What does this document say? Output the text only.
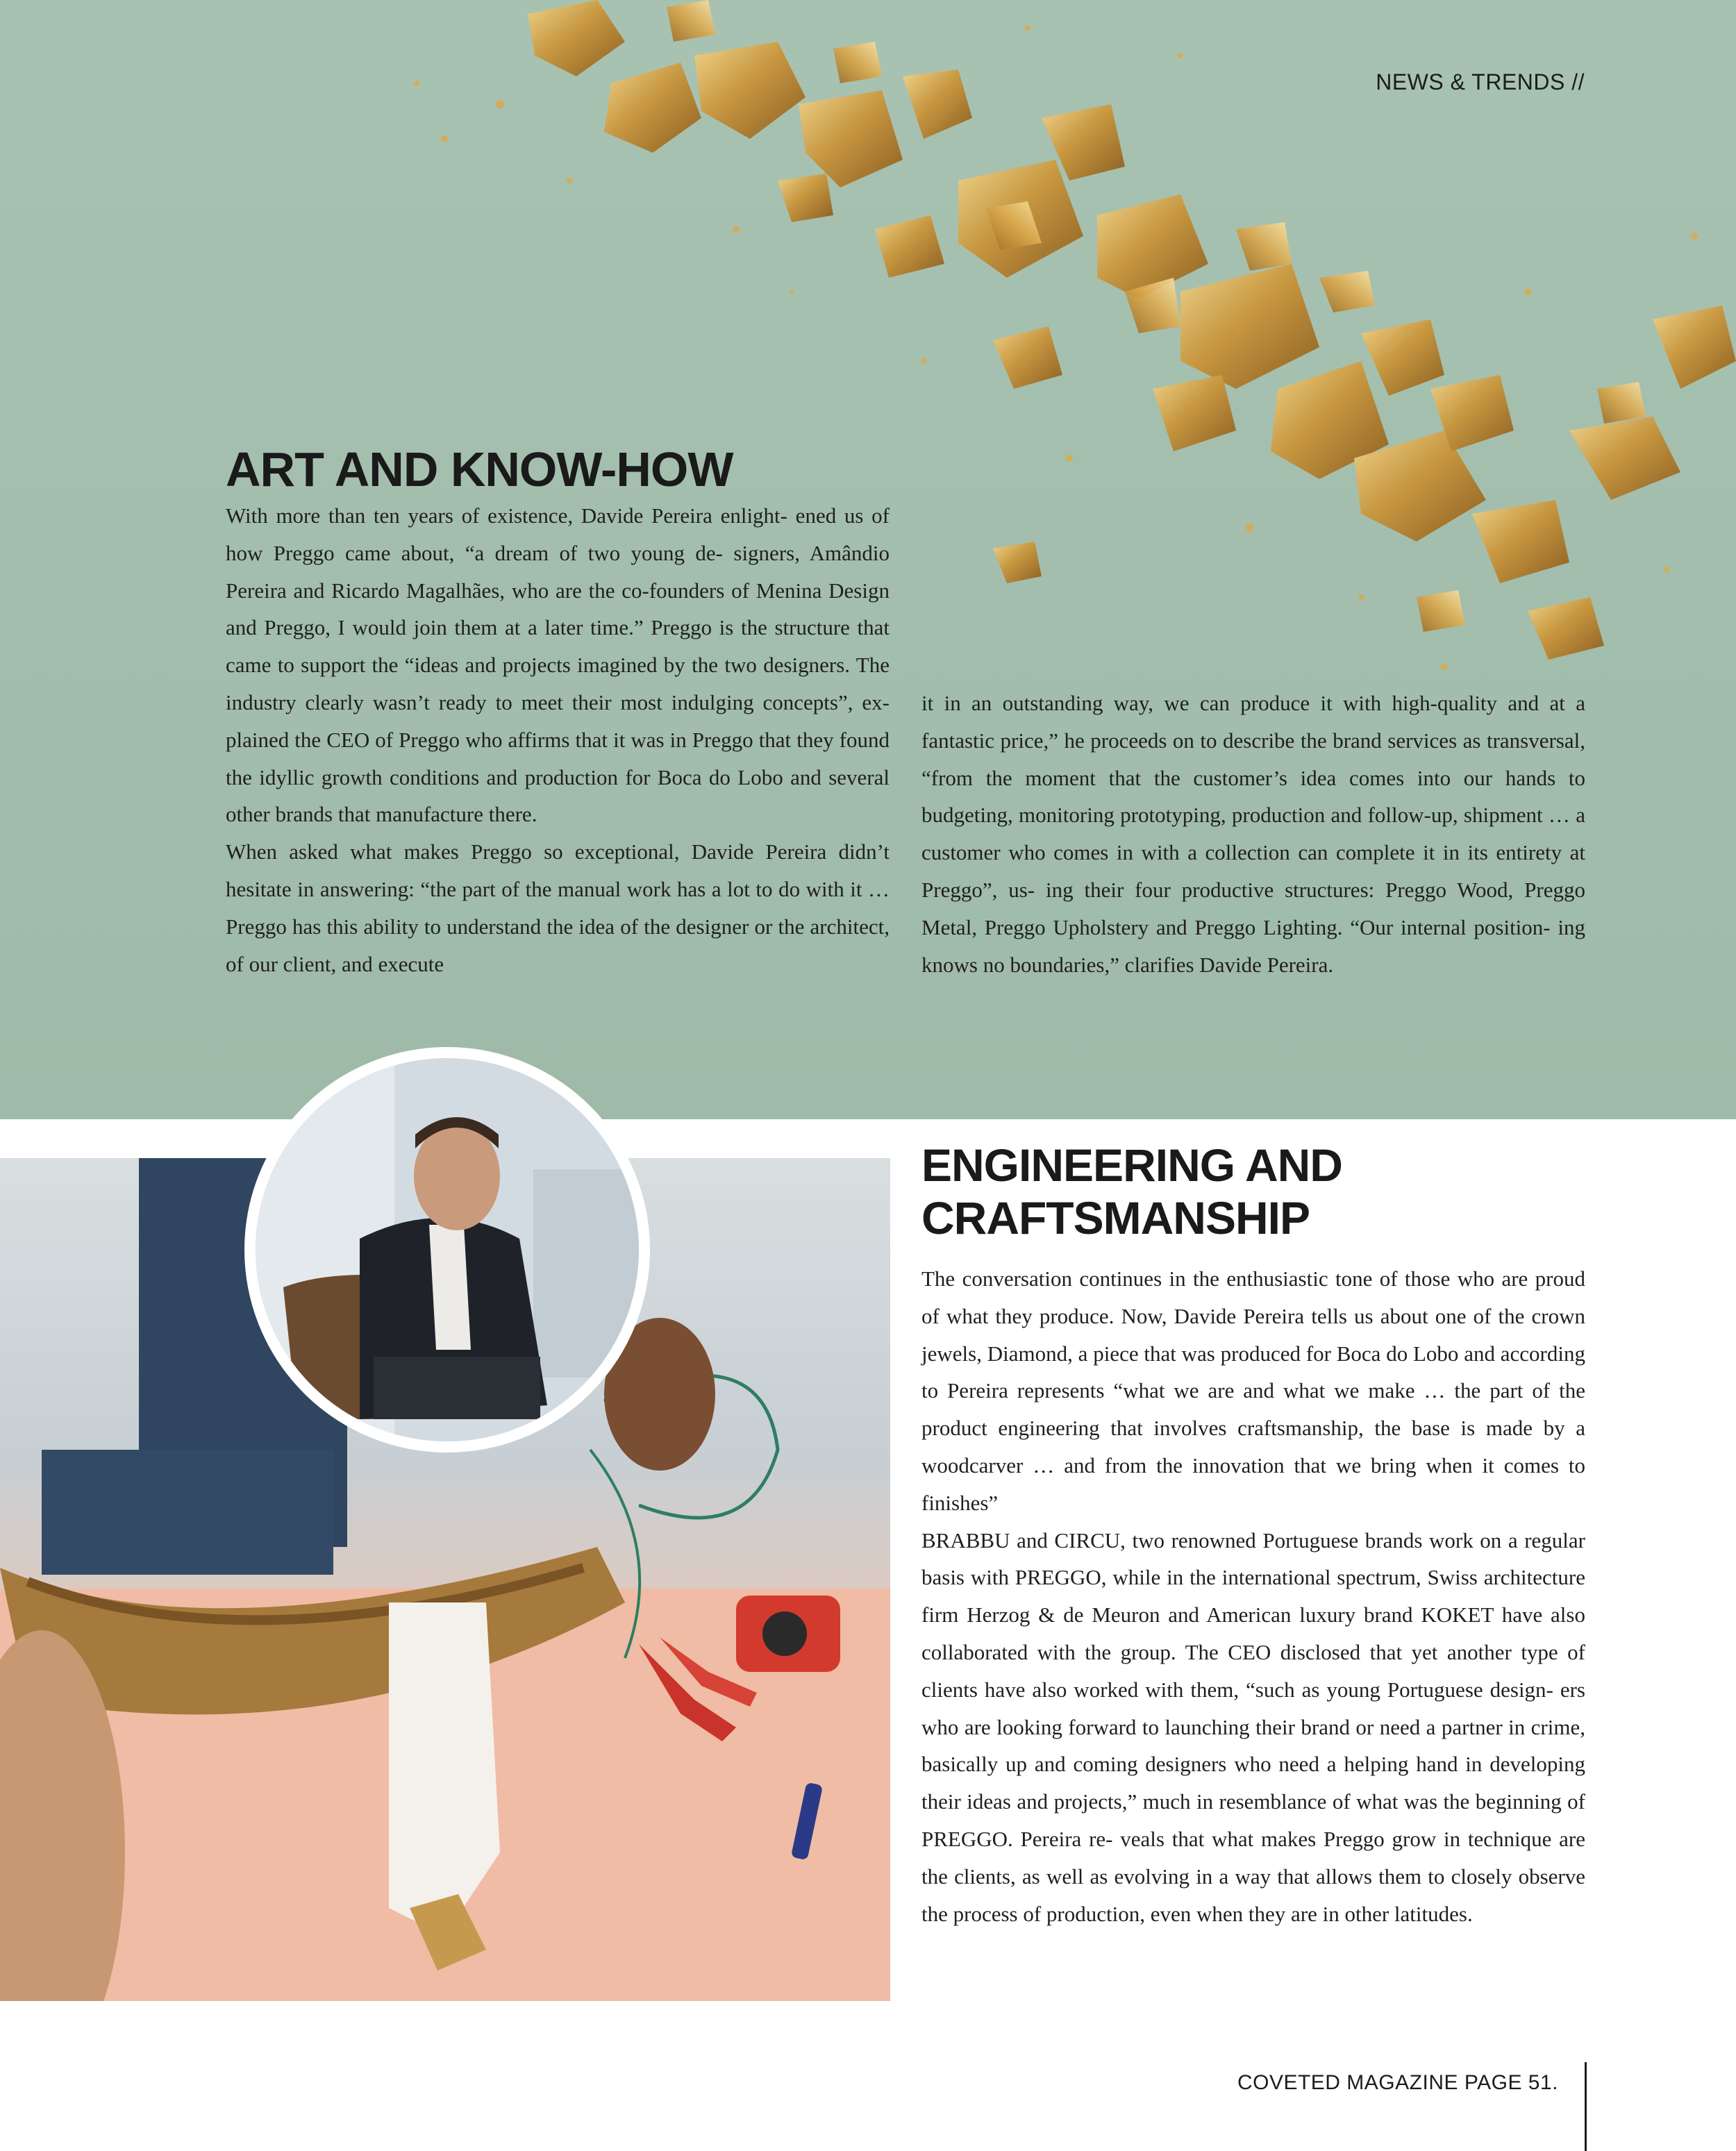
NEWS & TRENDS //
ART AND KNOW-HOW

With more than ten years of existence, Davide Pereira enlight- ened us of how Preggo came about, “a dream of two young de- signers, Amândio Pereira and Ricardo Magalhães, who are the co-founders of Menina Design and Preggo, I would join them at a later time.” Preggo is the structure that came to support the “ideas and projects imagined by the two designers. The industry clearly wasn’t ready to meet their most indulging concepts”, ex- plained the CEO of Preggo who affirms that it was in Preggo that they found the idyllic growth conditions and production for Boca do Lobo and several other brands that manufacture there.

When asked what makes Preggo so exceptional, Davide Pereira didn’t hesitate in answering: “the part of the manual work has a lot to do with it … Preggo has this ability to understand the idea of the designer or the architect, of our client, and execute

it in an outstanding way, we can produce it with high-quality and at a fantastic price,” he proceeds on to describe the brand services as transversal, “from the moment that the customer’s idea comes into our hands to budgeting, monitoring prototyping, production and follow-up, shipment … a customer who comes in with a collection can complete it in its entirety at Preggo”, us- ing their four productive structures: Preggo Wood, Preggo Metal, Preggo Upholstery and Preggo Lighting. “Our internal position- ing knows no boundaries,” clarifies Davide Pereira.

ENGINEERING AND CRAFTSMANSHIP

The conversation continues in the enthusiastic tone of those who are proud of what they produce. Now, Davide Pereira tells us about one of the crown jewels, Diamond, a piece that was produced for Boca do Lobo and according to Pereira represents “what we are and what we make … the part of the product engineering that involves craftsmanship, the base is made by a woodcarver … and from the innovation that we bring when it comes to finishes”

BRABBU and CIRCU, two renowned Portuguese brands work on a regular basis with PREGGO, while in the international spectrum, Swiss architecture firm Herzog & de Meuron and American luxury brand KOKET have also collaborated with the group. The CEO disclosed that yet another type of clients have also worked with them, “such as young Portuguese design- ers who are looking forward to launching their brand or need a partner in crime, basically up and coming designers who need a helping hand in developing their ideas and projects,” much in resemblance of what was the beginning of PREGGO. Pereira re- veals that what makes Preggo grow in technique are the clients, as well as evolving in a way that allows them to closely observe the process of production, even when they are in other latitudes.

COVETED MAGAZINE PAGE 51.
